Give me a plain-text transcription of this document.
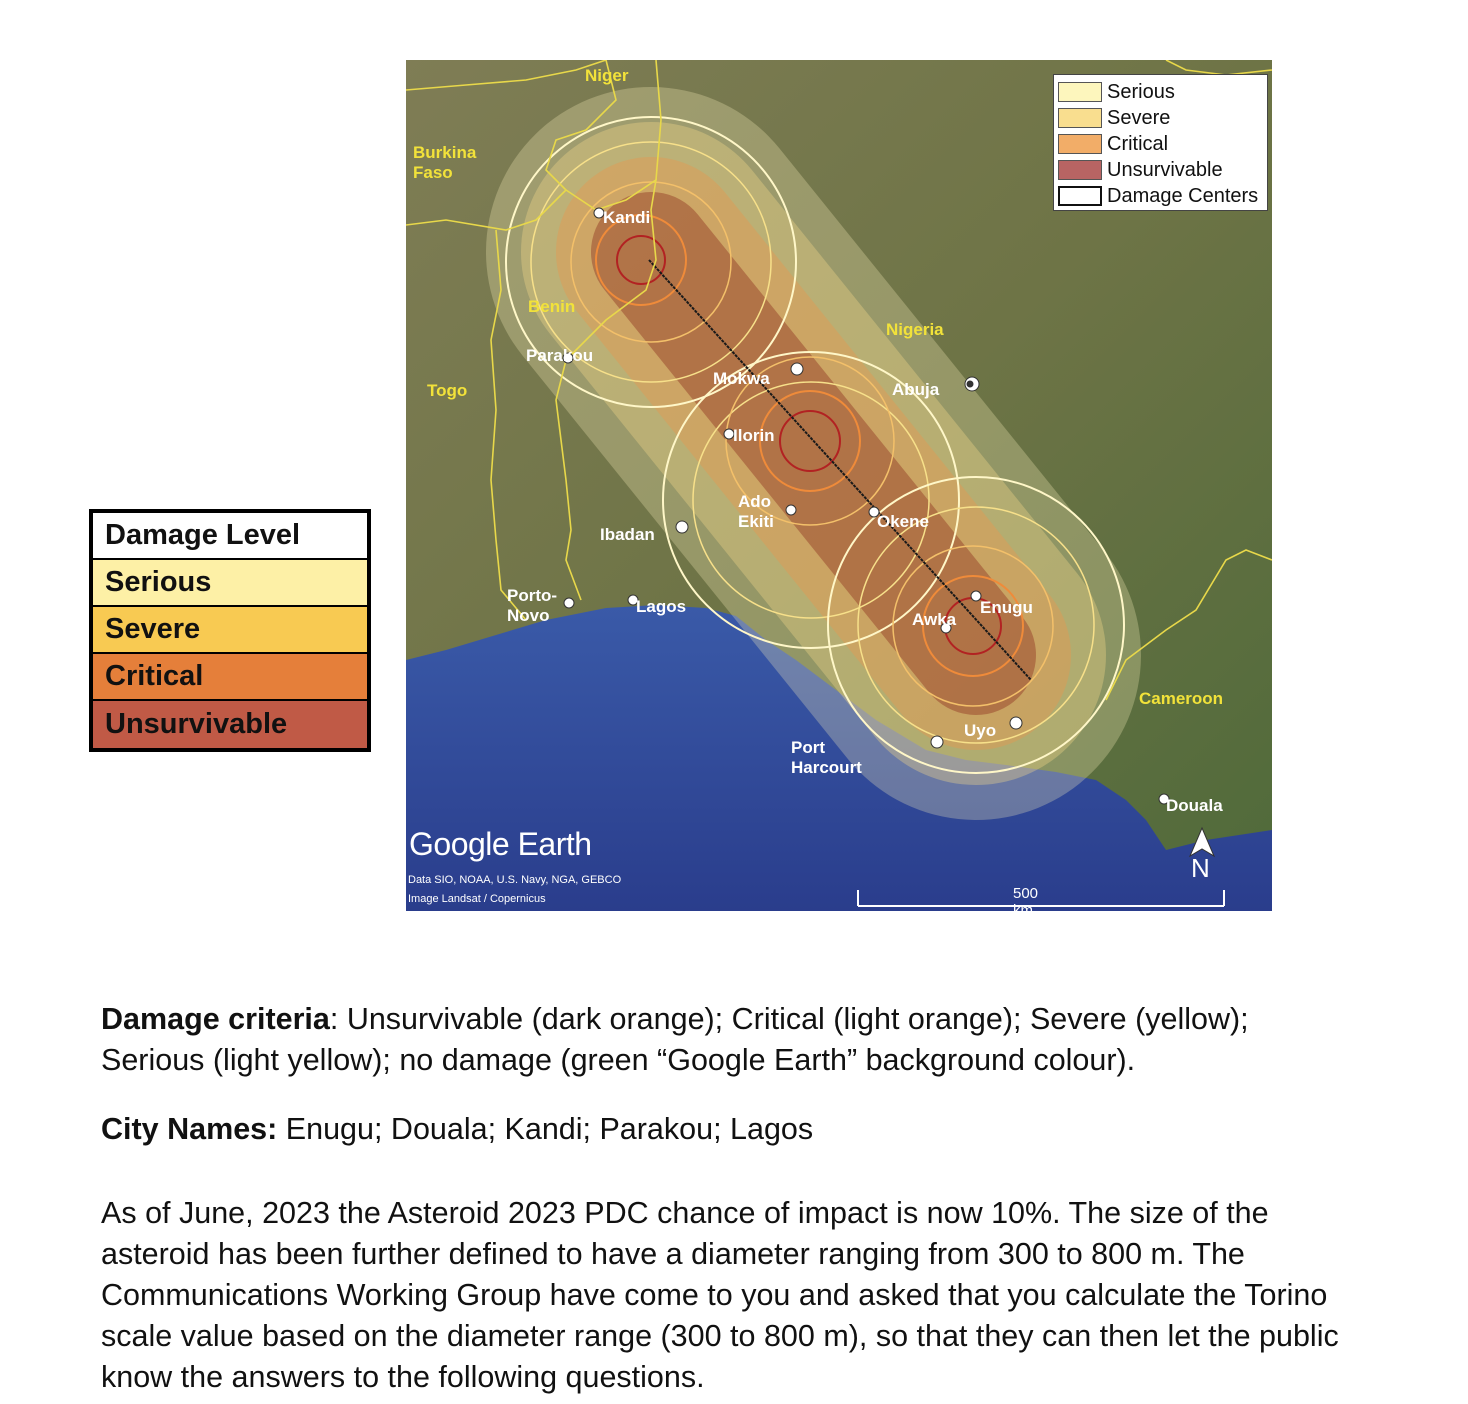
Damage Level
Serious
Severe
Critical
Unsurvivable
Niger
Burkina Faso
Benin
Togo
Nigeria
Cameroon
Kandi
Parakou
Mokwa
Abuja
Ilorin
Ado Ekiti	Okene
Ibadan
Porto-Novo	Lagos
Awka
Enugu
Uyo
Port Harcourt
Douala
N
500 km
Google Earth
Data SIO, NOAA, U.S. Navy, NGA, GEBCO
Image Landsat / Copernicus
Serious
Severe
Critical
Unsurvivable
Damage Centers

Damage criteria: Unsurvivable (dark orange); Critical (light orange); Severe (yellow); Serious (light yellow); no damage (green “Google Earth” background colour).

City Names: Enugu; Douala; Kandi; Parakou; Lagos

As of June, 2023 the Asteroid 2023 PDC chance of impact is now 10%. The size of the asteroid has been further defined to have a diameter ranging from 300 to 800 m. The Communications Working Group have come to you and asked that you calculate the Torino scale value based on the diameter range (300 to 800 m), so that they can then let the public know the answers to the following questions.
